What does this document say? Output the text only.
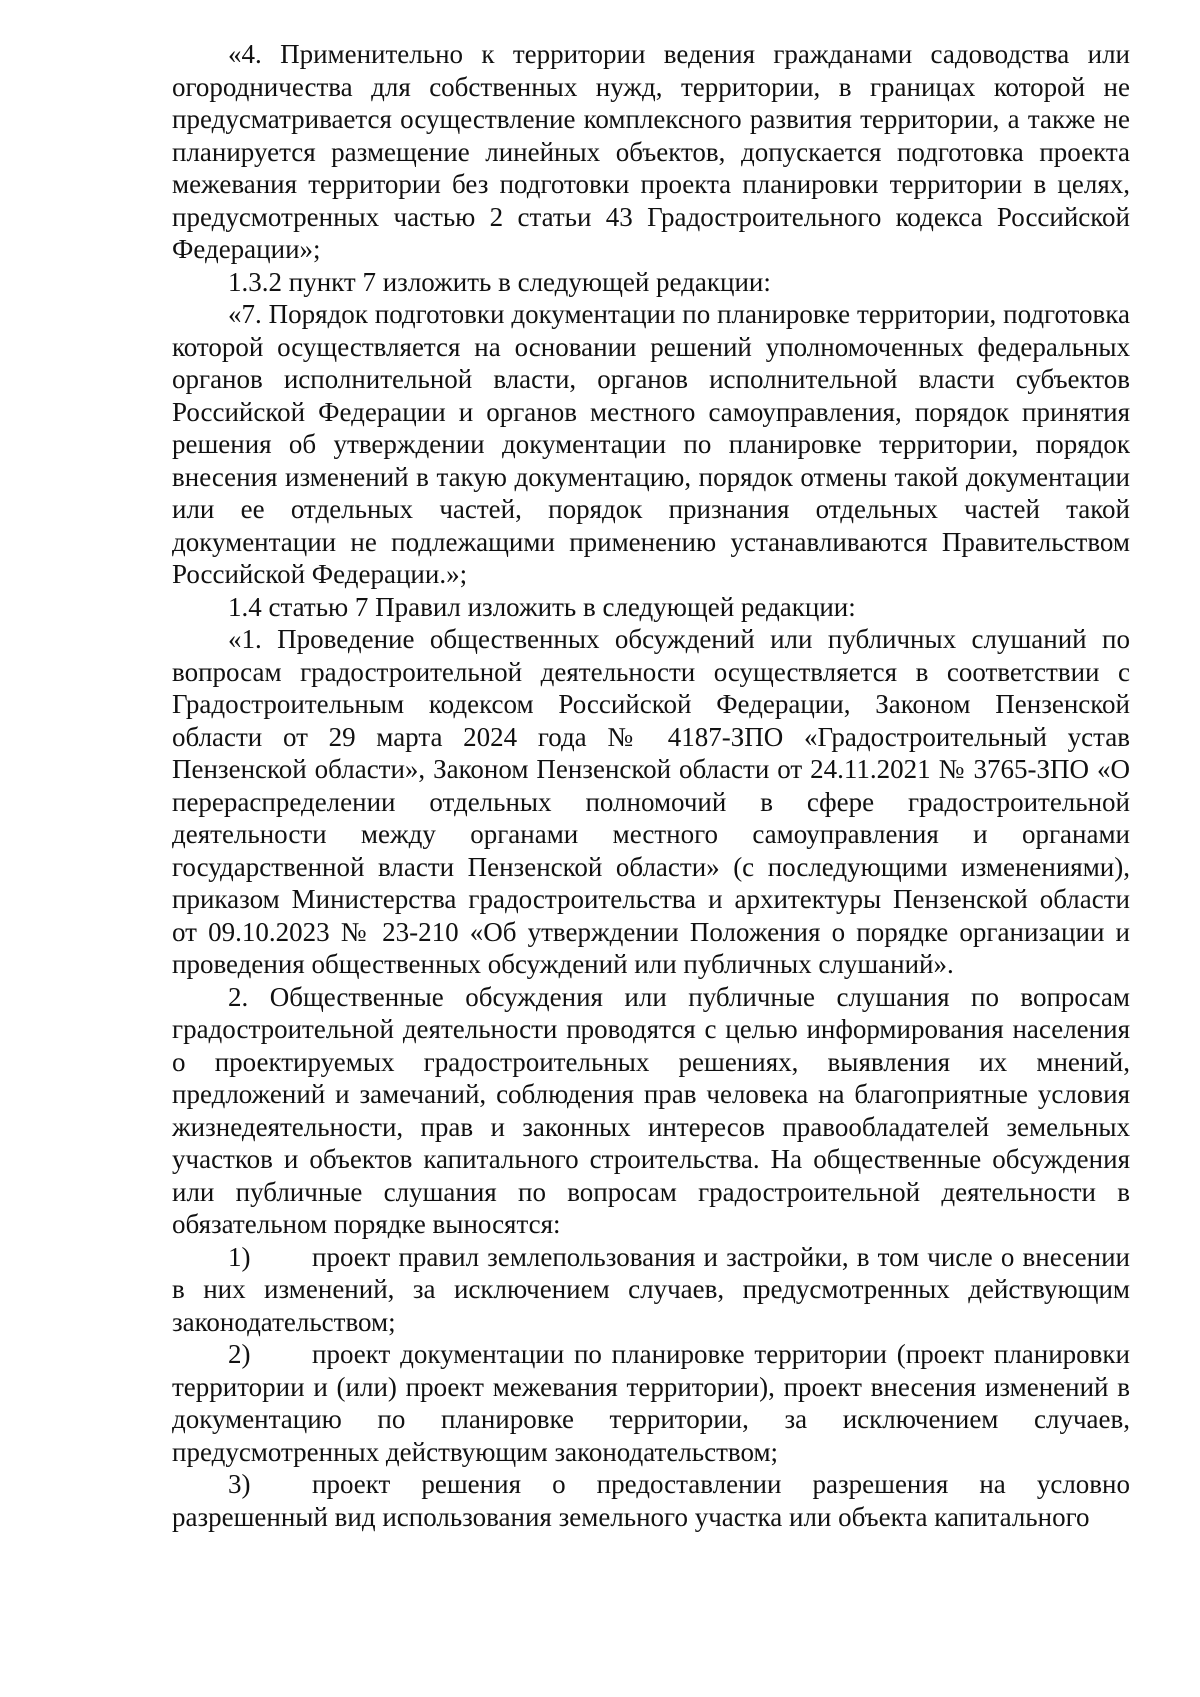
«4. Применительно к территории ведения гражданами садоводства или огородничества для собственных нужд, территории, в границах которой не предусматривается осуществление комплексного развития территории, а также не планируется размещение линейных объектов, допускается подготовка проекта межевания территории без подготовки проекта планировки территории в целях, предусмотренных частью 2 статьи 43 Градостроительного кодекса Российской Федерации»;

1.3.2 пункт 7 изложить в следующей редакции:

«7. Порядок подготовки документации по планировке территории, подготовка которой осуществляется на основании решений уполномоченных федеральных органов исполнительной власти, органов исполнительной власти субъектов Российской Федерации и органов местного самоуправления, порядок принятия решения об утверждении документации по планировке территории, порядок внесения изменений в такую документацию, порядок отмены такой документации или ее отдельных частей, порядок признания отдельных частей такой документации не подлежащими применению устанавливаются Правительством Российской Федерации.»;

1.4 статью 7 Правил изложить в следующей редакции:

«1. Проведение общественных обсуждений или публичных слушаний по вопросам градостроительной деятельности осуществляется в соответствии с Градостроительным кодексом Российской Федерации, Законом Пензенской области от 29 марта 2024 года № 4187-ЗПО «Градостроительный устав Пензенской области», Законом Пензенской области от 24.11.2021 № 3765-ЗПО «О перераспределении отдельных полномочий в сфере градостроительной деятельности между органами местного самоуправления и органами государственной власти Пензенской области» (с последующими изменениями), приказом Министерства градостроительства и архитектуры Пензенской области от 09.10.2023 № 23-210 «Об утверждении Положения о порядке организации и проведения общественных обсуждений или публичных слушаний».

2. Общественные обсуждения или публичные слушания по вопросам градостроительной деятельности проводятся с целью информирования населения о проектируемых градостроительных решениях, выявления их мнений, предложений и замечаний, соблюдения прав человека на благоприятные условия жизнедеятельности, прав и законных интересов правообладателей земельных участков и объектов капитального строительства. На общественные обсуждения или публичные слушания по вопросам градостроительной деятельности в обязательном порядке выносятся:

1) проект правил землепользования и застройки, в том числе о внесении в них изменений, за исключением случаев, предусмотренных действующим законодательством;

2) проект документации по планировке территории (проект планировки территории и (или) проект межевания территории), проект внесения изменений в документацию по планировке территории, за исключением случаев, предусмотренных действующим законодательством;

3) проект решения о предоставлении разрешения на условно разрешенный вид использования земельного участка или объекта капитального
